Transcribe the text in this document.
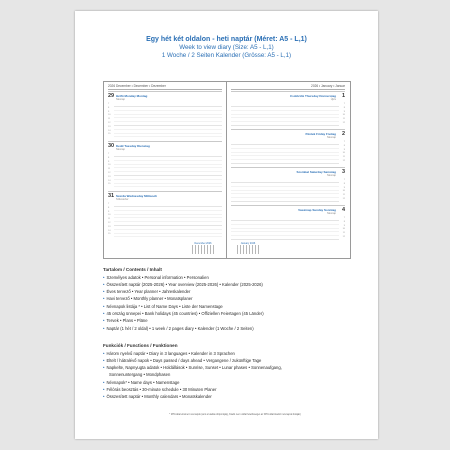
Egy hét két oldalon - heti naptár (Méret: A5 - L,1)
Week to view diary (Size: A5 - L,1)
1 Woche / 2 Seiten Kalender (Grösse: A5 - L,1)
2026 December • December • Dezember
29 Hétfő Monday Montag
Névnap
7
8
9
10
11
12
13
14
15
30 Kedd Tuesday Dienstag
Névnap
7
8
9
10
11
12
13
14
15
31 Szerda Wednesday Mittwoch
Szilveszter
7
8
9
10
11
12
13
14
15
December 2026
2026 • January • Januar
1
Csütörtök Thursday Donnerstag
Újév
7
8
9
10
11
12
2
Péntek Friday Freitag
Névnap
7
8
9
10
11
12
3
Szombat Saturday Samstag
Névnap
7
8
9
10
11
12
4
Vasárnap Sunday Sonntag
Névnap
7
8
9
10
11
12
January 2026
Tartalom / Contents / Inhalt
• Személyes adatok • Personal information • Personalien
• Összesített naptár (2025-2026) • Year overview (2025-2026) • Kalender (2025-2026)
• Éves tervező • Year planner • Jahreskalender
• Havi tervező • Monthly planner • Monatsplaner
• Névnapok listája * • List of Name Days • Liste der Namenstage
• 45 ország ünnepei • Bank holidays (45 countries) • Offiziellen Feiertagen (45 Länder)
• Tervek • Plans • Pläne
• Naptár (1 hét / 2 oldal) • 1 week / 2 pages diary • Kalender (1 Woche / 2 Seiten)
Funkciók / Functions / Funktionen
• Három nyelvű naptár • Diary in 3 languages • Kalender in 3 Sprachen
• Eltelt / hátralévő napok • Days passed / days ahead • Vergangene / zukünftige Tage
• Napkelte, Napnyugta adatok • Holdállások • Sunrise, Sunset • Lunar phases • Sonnenaufgang,
Sonnenuntergang • Mondphasen
• Névnapok* • Name days • Namenstage
• Félórás beosztás • 30-minute schedule • 30 Minuten Planer
• Összesített naptár • Monthly calendars • Monatskalender
* MTA által elismert névnapok (ami a kiadás időpontjáig, Kiadó nem vállal felelősséget az MTA által kiadott névnapok listáját)
